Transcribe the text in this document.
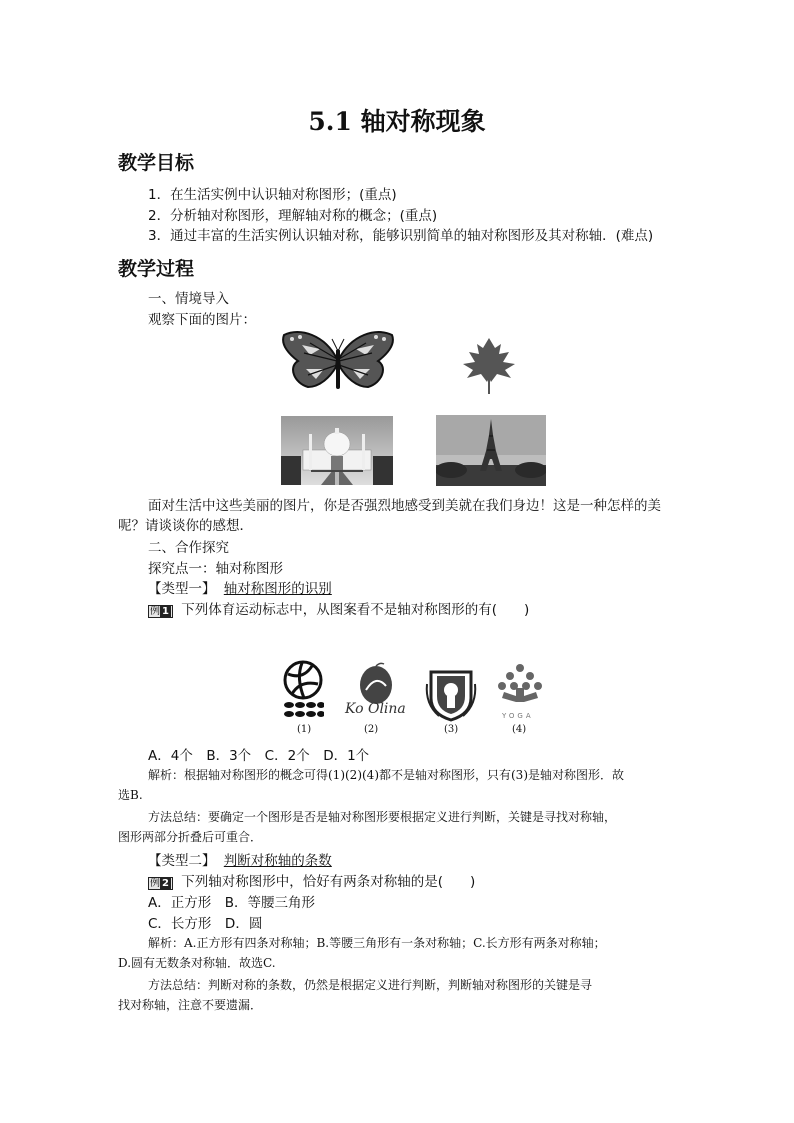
5.1 轴对称现象
教学目标
1．在生活实例中认识轴对称图形；(重点)
2．分析轴对称图形，理解轴对称的概念；(重点)
3．通过丰富的生活实例认识轴对称，能够识别简单的轴对称图形及其对称轴．(难点)
教学过程
一、情境导入
观察下面的图片：
面对生活中这些美丽的图片，你是否强烈地感受到美就在我们身边！这是一种怎样的美
呢？请谈谈你的感想．
二、合作探究
探究点一：轴对称图形
【类型一】 轴对称图形的识别
例 1 下列体育运动标志中，从图案看不是轴对称图形的有(　　)
(1)
Ko Olina
(2)	(3)
YOGA
(4)
A．4个　B．3个　C．2个　D．1个
解析：根据轴对称图形的概念可得(1)(2)(4)都不是轴对称图形，只有(3)是轴对称图形．故
选B.
方法总结：要确定一个图形是否是轴对称图形要根据定义进行判断，关键是寻找对称轴，
图形两部分折叠后可重合．
【类型二】 判断对称轴的条数
例 2 下列轴对称图形中，恰好有两条对称轴的是(　　)
A．正方形　B．等腰三角形
C．长方形　D．圆
解析：A.正方形有四条对称轴；B.等腰三角形有一条对称轴；C.长方形有两条对称轴；
D.圆有无数条对称轴．故选C.
方法总结：判断对称的条数，仍然是根据定义进行判断，判断轴对称图形的关键是寻
找对称轴，注意不要遗漏．
